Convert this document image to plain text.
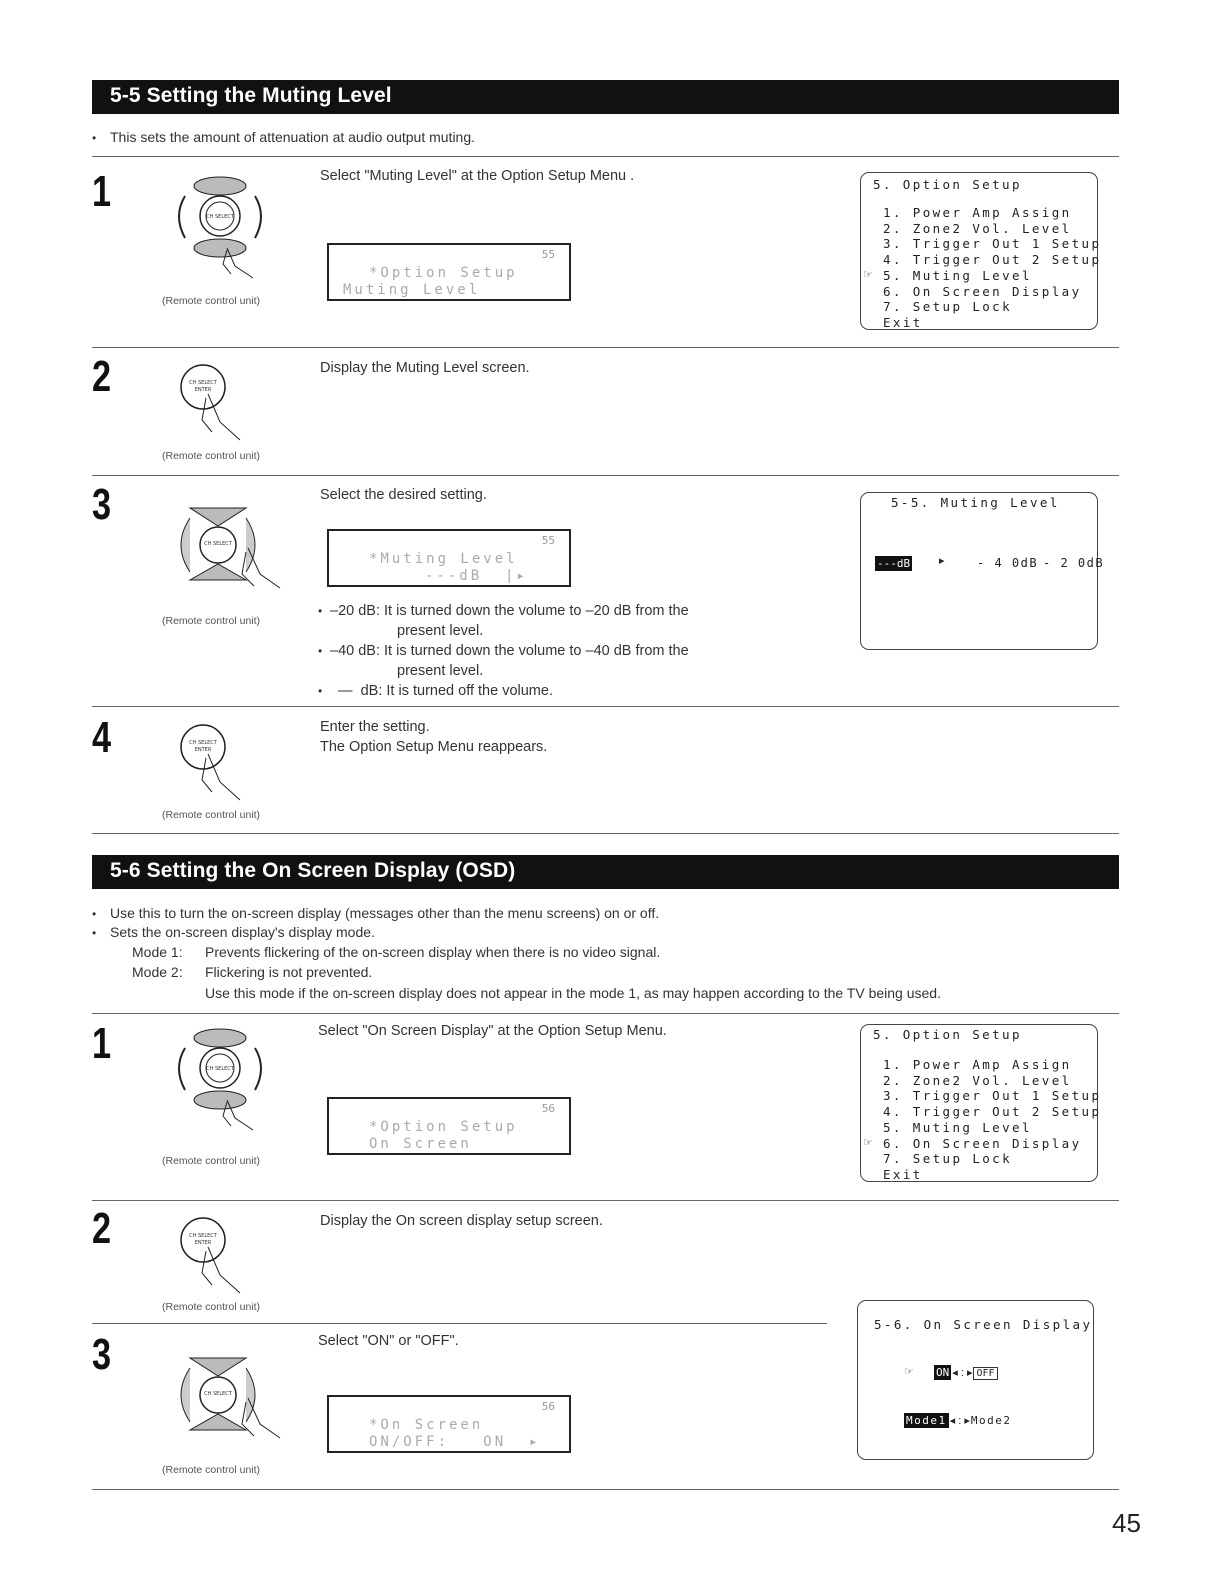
5-5 Setting the Muting Level
• This sets the amount of attenuation at audio output muting.
1
CH SELECT
(Remote control unit)
Select "Muting Level" at the Option Setup Menu .
55
*Option Setup
Muting Level
5. Option Setup
1. Power Amp Assign
2. Zone2 Vol. Level
3. Trigger Out 1 Setup
4. Trigger Out 2 Setup
☞ 5. Muting Level
6. On Screen Display
7. Setup Lock
Exit
2	CH SELECT
ENTER
(Remote control unit)
Display the Muting Level screen.
3
CH SELECT
(Remote control unit)
Select the desired setting.
55
*Muting Level
---dB  |▸
• –20 dB: It is turned down the volume to –20 dB from the
present level.
• –40 dB: It is turned down the volume to –40 dB from the
present level.
• —  dB: It is turned off the volume.
5-5. Muting Level
---dB	▸	- 4 0dB - 2 0dB
4	CH SELECT
ENTER
(Remote control unit)
Enter the setting.
The Option Setup Menu reappears.
5-6 Setting the On Screen Display (OSD)
• Use this to turn the on-screen display (messages other than the menu screens) on or off.
• Sets the on-screen display's display mode.
Mode 1: Prevents flickering of the on-screen display when there is no video signal.
Mode 2: Flickering is not prevented.
Use this mode if the on-screen display does not appear in the mode 1, as may happen according to the TV being used.
1
CH SELECT
(Remote control unit)
Select "On Screen Display" at the Option Setup Menu.
56
*Option Setup
On Screen
5. Option Setup
1. Power Amp Assign
2. Zone2 Vol. Level
3. Trigger Out 1 Setup
4. Trigger Out 2 Setup
5. Muting Level
☞ 6. On Screen Display
7. Setup Lock
Exit
2	CH SELECT
ENTER
(Remote control unit)
Display the On screen display setup screen.
3
CH SELECT
(Remote control unit)
Select "ON" or "OFF".
56
*On Screen
ON/OFF:   ON  ▸
5-6. On Screen Display
☞ ON ◂ : ▸ OFF
Mode1 ◂ : ▸Mode2
45
